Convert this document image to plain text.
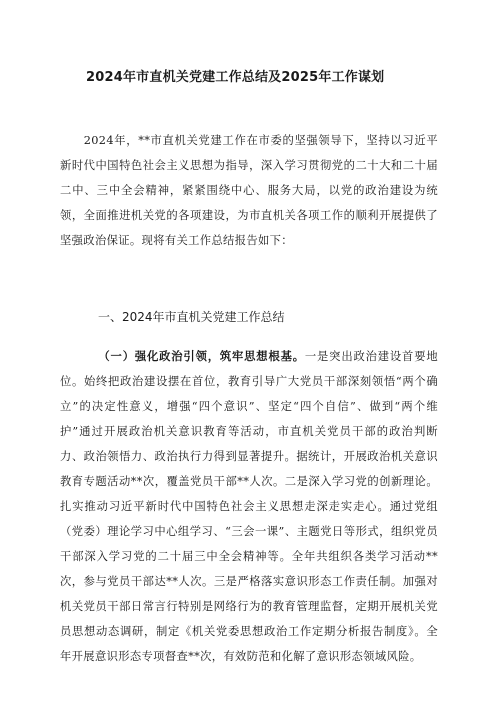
2024年市直机关党建工作总结及2025年工作谋划

2024年，**市直机关党建工作在市委的坚强领导下，坚持以习近平新时代中国特色社会主义思想为指导，深入学习贯彻党的二十大和二十届二中、三中全会精神，紧紧围绕中心、服务大局，以党的政治建设为统领，全面推进机关党的各项建设，为市直机关各项工作的顺利开展提供了坚强政治保证。现将有关工作总结报告如下：

一、2024年市直机关党建工作总结

（一）强化政治引领，筑牢思想根基。一是突出政治建设首要地位。始终把政治建设摆在首位，教育引导广大党员干部深刻领悟“两个确立”的决定性意义，增强“四个意识”、坚定“四个自信”、做到“两个维护”通过开展政治机关意识教育等活动，市直机关党员干部的政治判断力、政治领悟力、政治执行力得到显著提升。据统计，开展政治机关意识教育专题活动**次，覆盖党员干部**人次。二是深入学习党的创新理论。扎实推动习近平新时代中国特色社会主义思想走深走实走心。通过党组（党委）理论学习中心组学习、“三会一课”、主题党日等形式，组织党员干部深入学习党的二十届三中全会精神等。全年共组织各类学习活动**次，参与党员干部达**人次。三是严格落实意识形态工作责任制。加强对机关党员干部日常言行特别是网络行为的教育管理监督，定期开展机关党员思想动态调研，制定《机关党委思想政治工作定期分析报告制度》。全年开展意识形态专项督查**次，有效防范和化解了意识形态领域风险。
